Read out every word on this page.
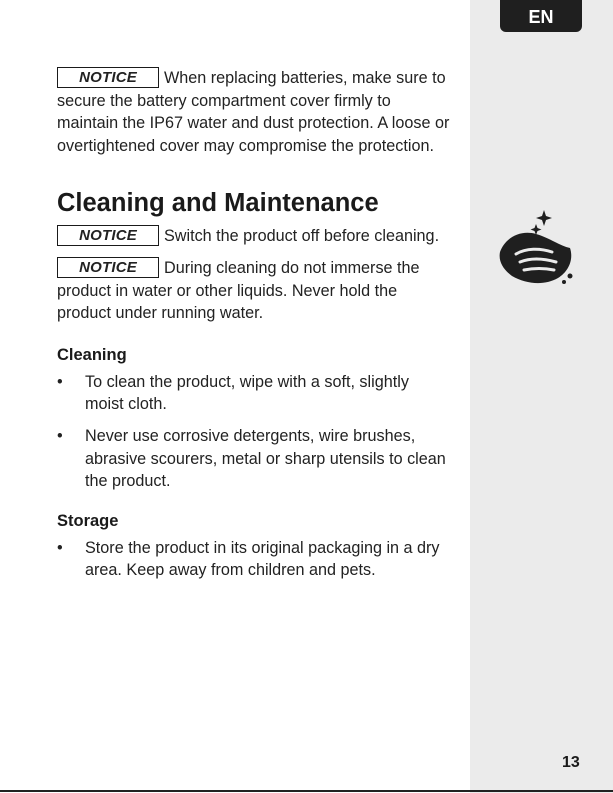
EN
13

NOTICE When replacing batteries, make sure to secure the battery compartment cover firmly to maintain the IP67 water and dust protection. A loose or overtightened cover may compromise the protection.

Cleaning and Maintenance

NOTICE Switch the product off before cleaning.

NOTICE During cleaning do not immerse the product in water or other liquids. Never hold the product under running water.

Cleaning
• To clean the product, wipe with a soft, slightly moist cloth.
• Never use corrosive detergents, wire brushes, abrasive scourers, metal or sharp utensils to clean the product.
Storage
• Store the product in its original packaging in a dry area. Keep away from children and pets.
